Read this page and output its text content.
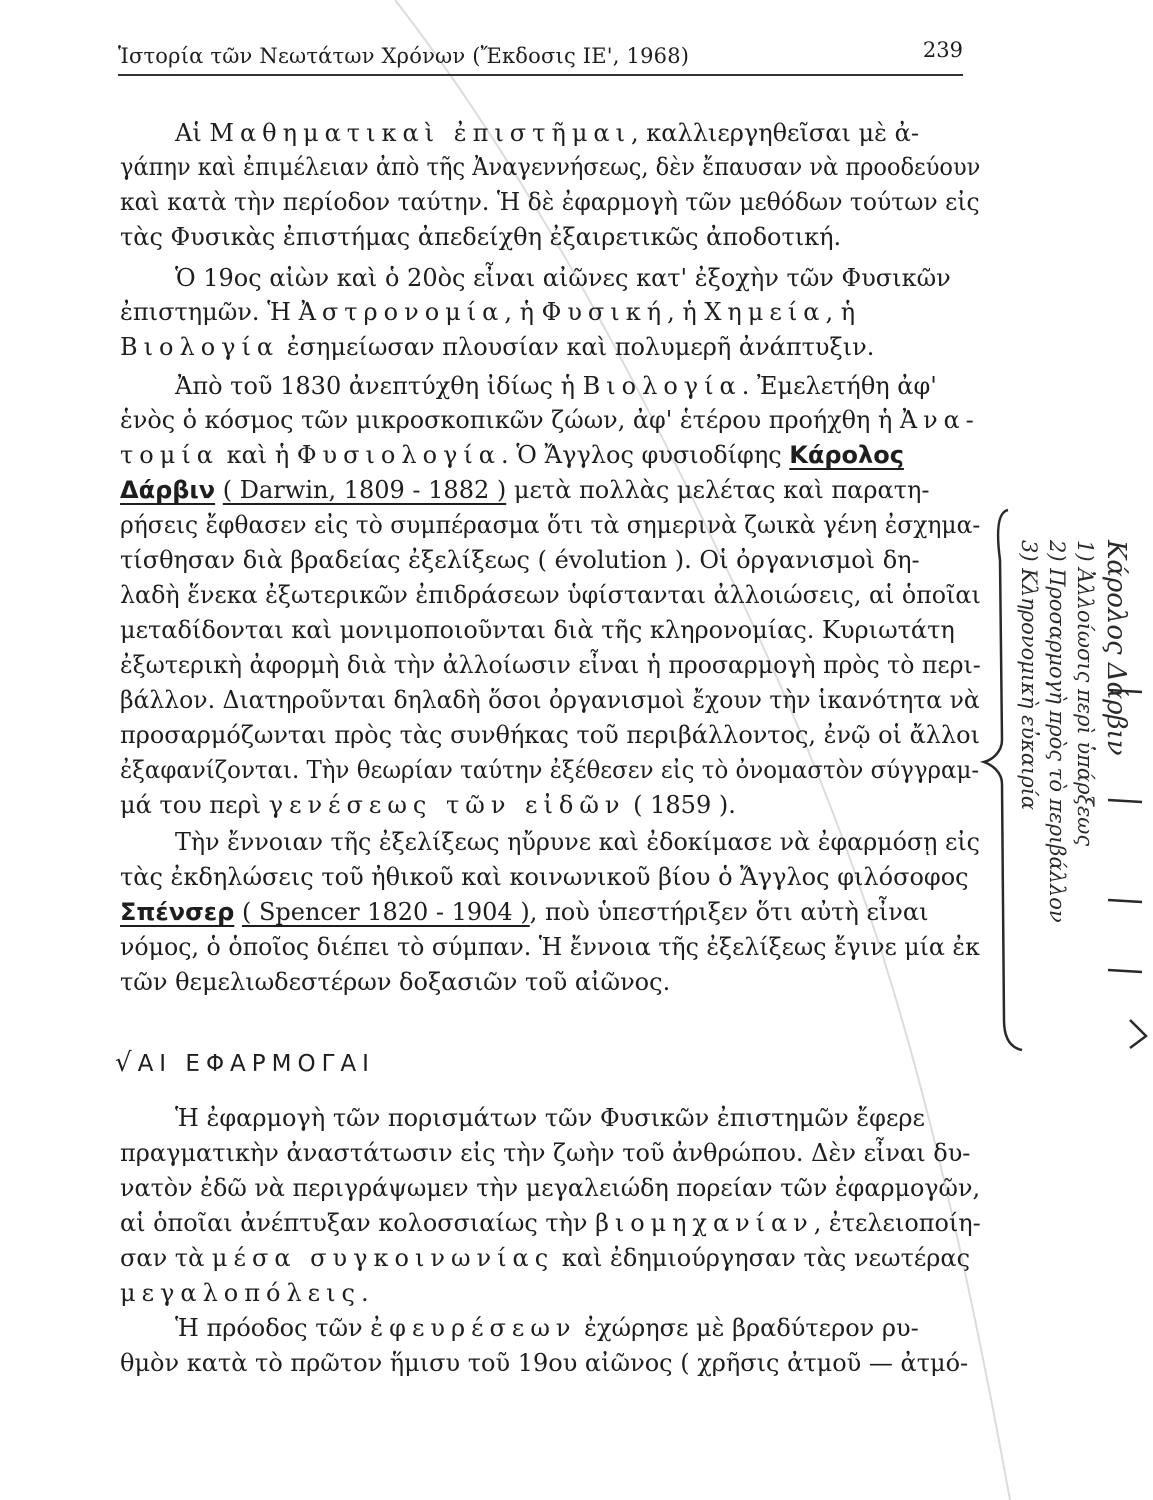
Ἱστορία τῶν Νεωτάτων Χρόνων (Ἔκδοσις ΙΕ', 1968)	239
Αἱ Μαθηματικαὶ ἐπιστῆμαι, καλλιεργηθεῖσαι μὲ ἀ-
γάπην καὶ ἐπιμέλειαν ἀπὸ τῆς Ἀναγεννήσεως, δὲν ἔπαυσαν νὰ προοδεύουν
καὶ κατὰ τὴν περίοδον ταύτην. Ἡ δὲ ἐφαρμογὴ τῶν μεθόδων τούτων εἰς
τὰς Φυσικὰς ἐπιστήμας ἀπεδείχθη ἐξαιρετικῶς ἀποδοτική.
Ὁ 19ος αἰὼν καὶ ὁ 20ὸς εἶναι αἰῶνες κατ' ἐξοχὴν τῶν Φυσικῶν
ἐπιστημῶν. Ἡ Ἀστρονομία, ἡ Φυσική, ἡ Χημεία, ἡ
Βιολογία ἐσημείωσαν πλουσίαν καὶ πολυμερῆ ἀνάπτυξιν.
Ἀπὸ τοῦ 1830 ἀνεπτύχθη ἰδίως ἡ Βιολογία. Ἐμελετήθη ἀφ'
ἑνὸς ὁ κόσμος τῶν μικροσκοπικῶν ζώων, ἀφ' ἑτέρου προήχθη ἡ Ἀνα-
τομία καὶ ἡ Φυσιολογία. Ὁ Ἄγγλος φυσιοδίφης Κάρολος
Δάρβιν ( Darwin, 1809 - 1882 ) μετὰ πολλὰς μελέτας καὶ παρατη-
ρήσεις ἔφθασεν εἰς τὸ συμπέρασμα ὅτι τὰ σημερινὰ ζωικὰ γένη ἐσχημα-
τίσθησαν διὰ βραδείας ἐξελίξεως ( évolution ). Οἱ ὀργανισμοὶ δη-
λαδὴ ἕνεκα ἐξωτερικῶν ἐπιδράσεων ὑφίστανται ἀλλοιώσεις, αἱ ὁποῖαι
μεταδίδονται καὶ μονιμοποιοῦνται διὰ τῆς κληρονομίας. Κυριωτάτη
ἐξωτερικὴ ἀφορμὴ διὰ τὴν ἀλλοίωσιν εἶναι ἡ προσαρμογὴ πρὸς τὸ περι-
βάλλον. Διατηροῦνται δηλαδὴ ὅσοι ὀργανισμοὶ ἔχουν τὴν ἱκανότητα νὰ
προσαρμόζωνται πρὸς τὰς συνθήκας τοῦ περιβάλλοντος, ἐνῷ οἱ ἄλλοι
ἐξαφανίζονται. Τὴν θεωρίαν ταύτην ἐξέθεσεν εἰς τὸ ὀνομαστὸν σύγγραμ-
μά του περὶ γενέσεως τῶν εἰδῶν ( 1859 ).
Τὴν ἔννοιαν τῆς ἐξελίξεως ηὔρυνε καὶ ἐδοκίμασε νὰ ἐφαρμόσῃ εἰς
τὰς ἐκδηλώσεις τοῦ ἠθικοῦ καὶ κοινωνικοῦ βίου ὁ Ἄγγλος φιλόσοφος
Σπένσερ ( Spencer 1820 - 1904 ), ποὺ ὑπεστήριξεν ὅτι αὐτὴ εἶναι
νόμος, ὁ ὁποῖος διέπει τὸ σύμπαν. Ἡ ἔννοια τῆς ἐξελίξεως ἔγινε μία ἐκ
τῶν θεμελιωδεστέρων δοξασιῶν τοῦ αἰῶνος.
√ ΑΙ ΕΦΑΡΜΟΓΑΙ
Ἡ ἐφαρμογὴ τῶν πορισμάτων τῶν Φυσικῶν ἐπιστημῶν ἔφερε
πραγματικὴν ἀναστάτωσιν εἰς τὴν ζωὴν τοῦ ἀνθρώπου. Δὲν εἶναι δυ-
νατὸν ἐδῶ νὰ περιγράψωμεν τὴν μεγαλειώδη πορείαν τῶν ἐφαρμογῶν,
αἱ ὁποῖαι ἀνέπτυξαν κολοσσιαίως τὴν βιομηχανίαν, ἐτελειοποίη-
σαν τὰ μέσα συγκοινωνίας καὶ ἐδημιούργησαν τὰς νεωτέρας
μεγαλοπόλεις.
Ἡ πρόοδος τῶν ἐφευρέσεων ἐχώρησε μὲ βραδύτερον ρυ-
θμὸν κατὰ τὸ πρῶτον ἥμισυ τοῦ 19ου αἰῶνος ( χρῆσις ἀτμοῦ — ἀτμό-
Κάρολος Δάρβιν
1) Ἀλλοίωσις περὶ ὑπάρξεως
2) Προσαρμογὴ πρὸς τὸ περιβάλλον
3) Κληρονομικὴ εὐκαιρία
